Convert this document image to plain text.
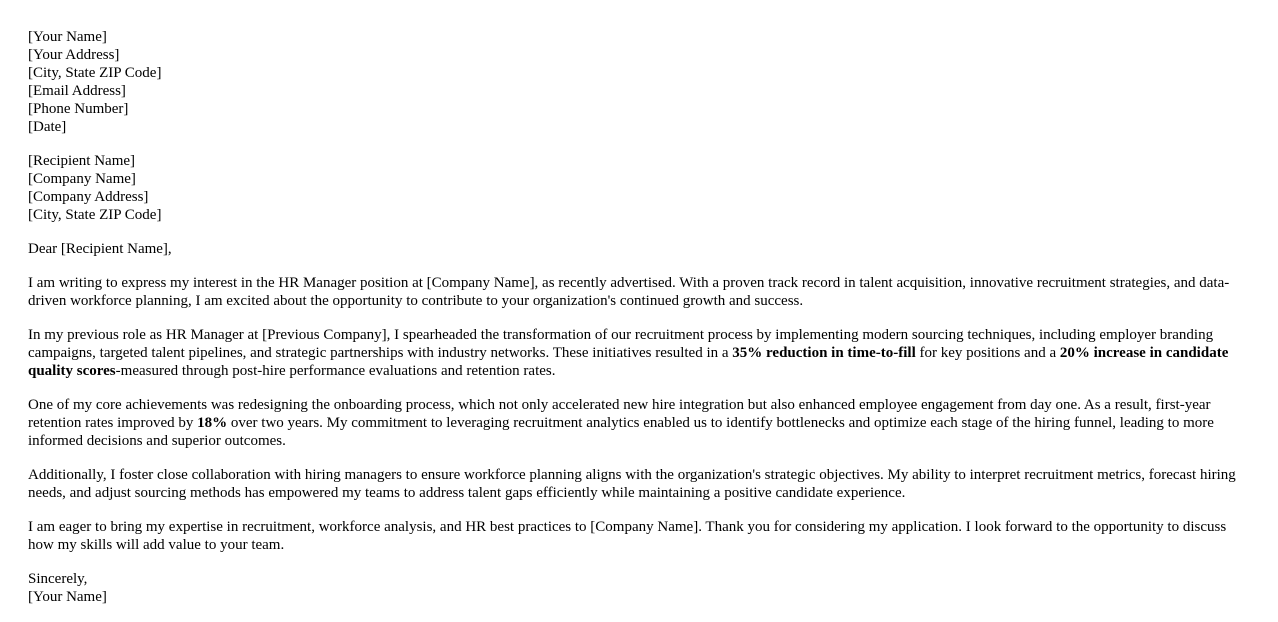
[Your Name]
[Your Address]
[City, State ZIP Code]
[Email Address]
[Phone Number]
[Date]
[Recipient Name]
[Company Name]
[Company Address]
[City, State ZIP Code]

Dear [Recipient Name],

I am writing to express my interest in the HR Manager position at [Company Name], as recently advertised. With a proven track record in talent acquisition, innovative recruitment strategies, and data-driven workforce planning, I am excited about the opportunity to contribute to your organization's continued growth and success.

In my previous role as HR Manager at [Previous Company], I spearheaded the transformation of our recruitment process by implementing modern sourcing techniques, including employer branding campaigns, targeted talent pipelines, and strategic partnerships with industry networks. These initiatives resulted in a 35% reduction in time-to-fill for key positions and a 20% increase in candidate quality scores-measured through post-hire performance evaluations and retention rates.

One of my core achievements was redesigning the onboarding process, which not only accelerated new hire integration but also enhanced employee engagement from day one. As a result, first-year retention rates improved by 18% over two years. My commitment to leveraging recruitment analytics enabled us to identify bottlenecks and optimize each stage of the hiring funnel, leading to more informed decisions and superior outcomes.

Additionally, I foster close collaboration with hiring managers to ensure workforce planning aligns with the organization's strategic objectives. My ability to interpret recruitment metrics, forecast hiring needs, and adjust sourcing methods has empowered my teams to address talent gaps efficiently while maintaining a positive candidate experience.

I am eager to bring my expertise in recruitment, workforce analysis, and HR best practices to [Company Name]. Thank you for considering my application. I look forward to the opportunity to discuss how my skills will add value to your team.

Sincerely,
[Your Name]
